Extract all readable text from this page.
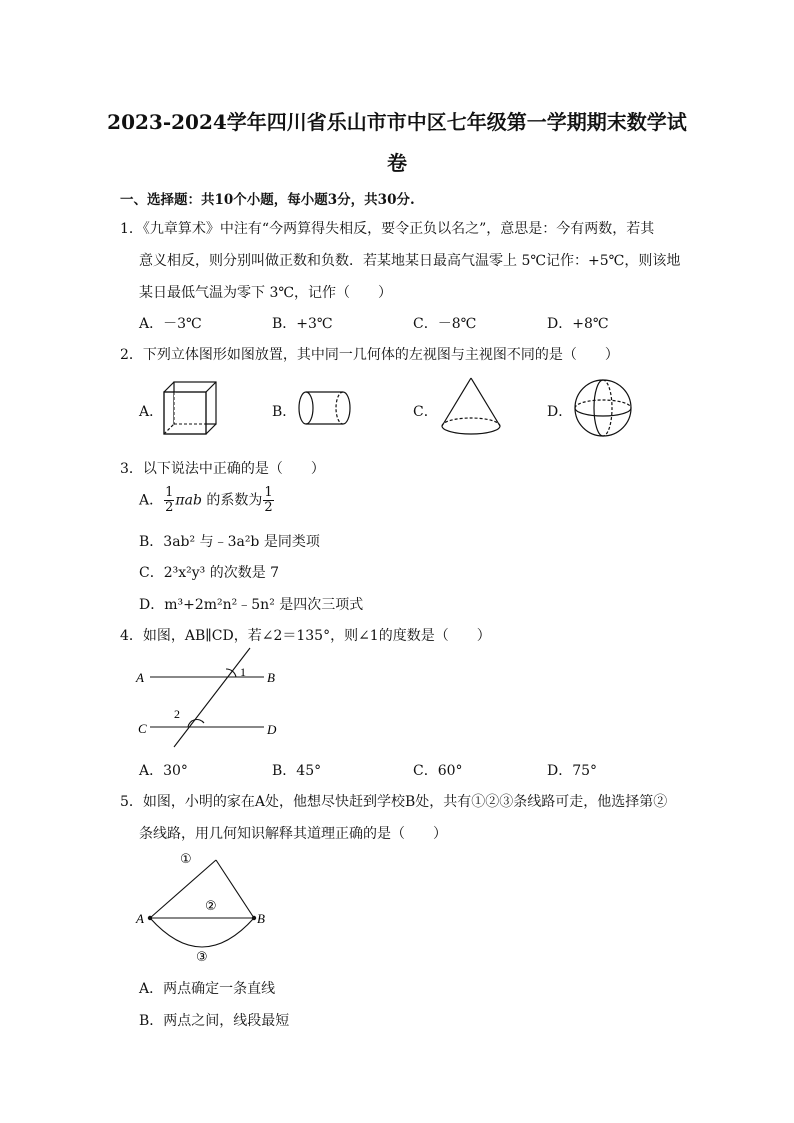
2023-2024学年四川省乐山市市中区七年级第一学期期末数学试
卷
一、选择题：共10个小题，每小题3分，共30分.
1．《九章算术》中注有“今两算得失相反，要令正负以名之”，意思是：今有两数，若其
意义相反，则分别叫做正数和负数．若某地某日最高气温零上 5℃记作：+5℃，则该地
某日最低气温为零下 3℃，记作（　　）
A．－3℃	B．+3℃	C．－8℃	D．+8℃
2．下列立体图形如图放置，其中同一几何体的左视图与主视图不同的是（　　）
A．	B．	C．	D．
3．以下说法中正确的是（　　）
A． $\frac{1}{2}$ πab 的系数为 $\frac{1}{2}$
B．3ab² 与﹣3a²b 是同类项
C．2³x²y³ 的次数是 7
D．m³+2m²n²﹣5n² 是四次三项式
4．如图，AB∥CD，若∠2＝135°，则∠1的度数是（　　）
A	B
C	D
1
2
A．30°	B．45°	C．60°	D．75°
5．如图，小明的家在A处，他想尽快赶到学校B处，共有①②③条线路可走，他选择第②
条线路，用几何知识解释其道理正确的是（　　）
A	B
①
②
③
A．两点确定一条直线
B．两点之间，线段最短
